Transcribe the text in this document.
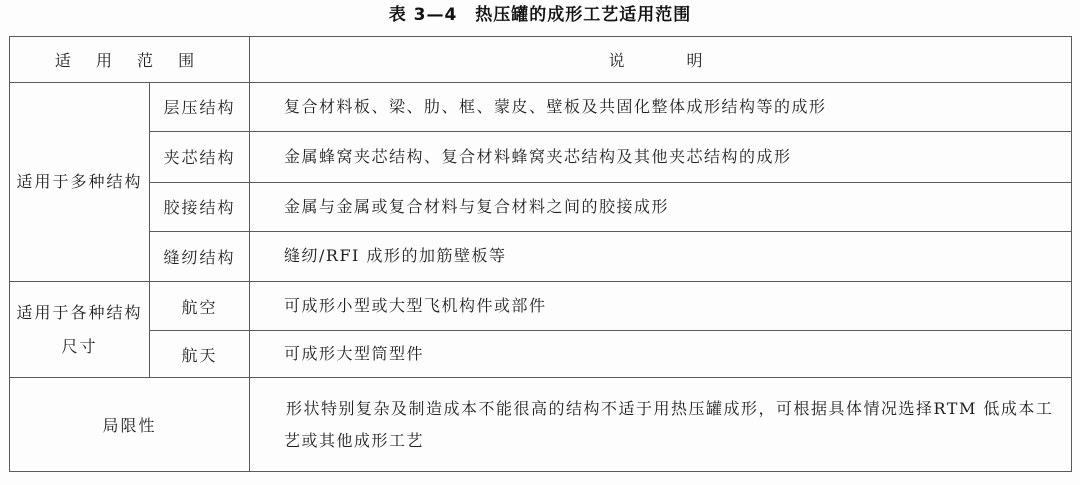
表 3—4　热压罐的成形工艺适用范围
适 用 范 围		说　　明
适用于多种结构	层压结构	复合材料板、梁、肋、框、蒙皮、壁板及共固化整体成形结构等的成形
	夹芯结构	金属蜂窝夹芯结构、复合材料蜂窝夹芯结构及其他夹芯结构的成形
	胶接结构	金属与金属或复合材料与复合材料之间的胶接成形
	缝纫结构	缝纫/RFI 成形的加筋壁板等
适用于各种结构尺寸	航空	可成形小型或大型飞机构件或部件
	航天	可成形大型筒型件
局限性		形状特别复杂及制造成本不能很高的结构不适于用热压罐成形，可根据具体情况选择RTM 低成本工艺或其他成形工艺
